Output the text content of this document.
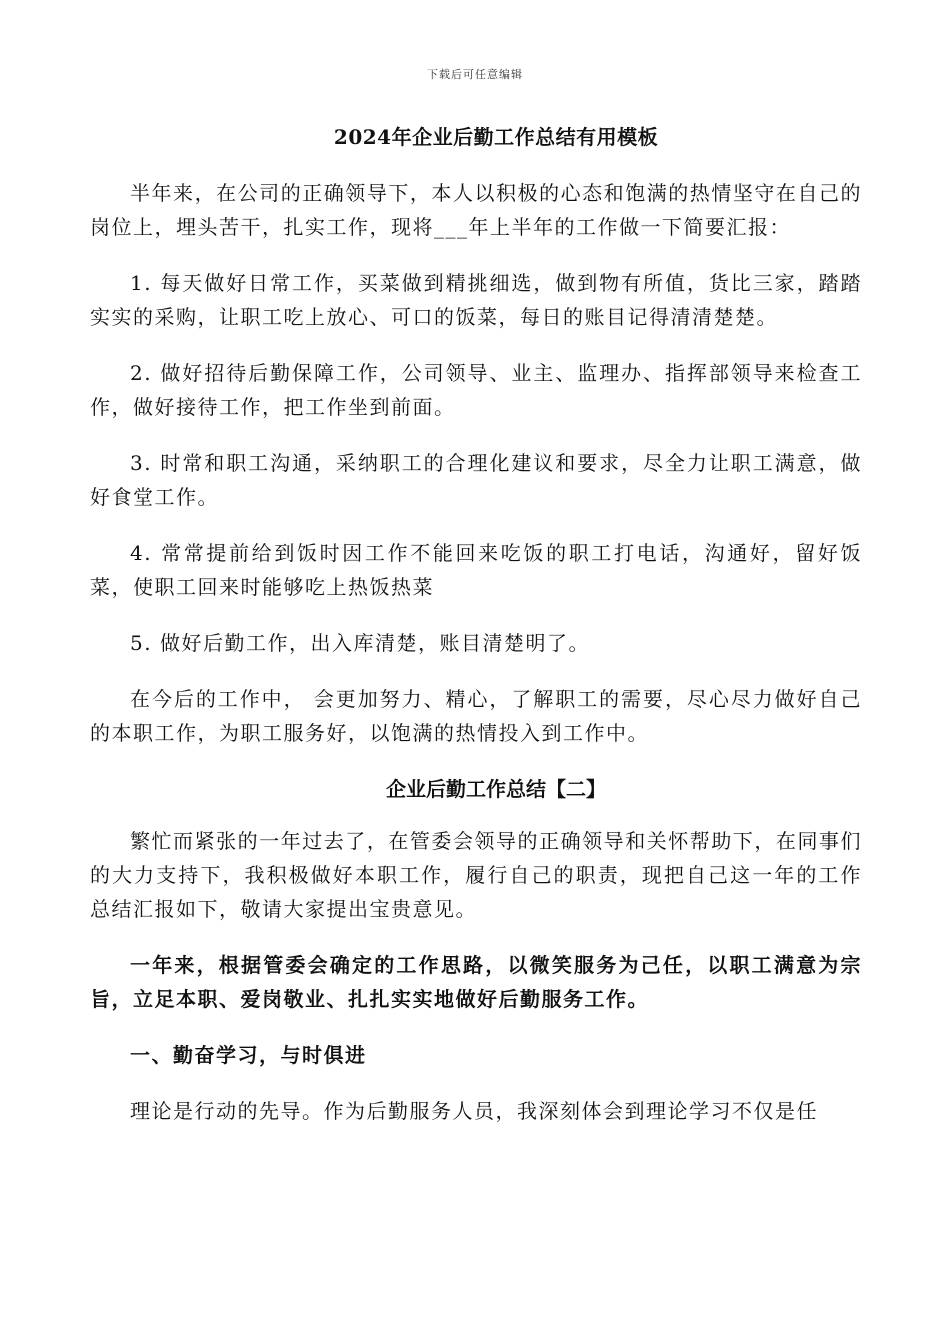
下载后可任意编辑
2024年企业后勤工作总结有用模板

半年来，在公司的正确领导下，本人以积极的心态和饱满的热情坚守在自己的岗位上，埋头苦干，扎实工作，现将___年上半年的工作做一下简要汇报：

1. 每天做好日常工作，买菜做到精挑细选，做到物有所值，货比三家，踏踏实实的采购，让职工吃上放心、可口的饭菜，每日的账目记得清清楚楚。

2. 做好招待后勤保障工作，公司领导、业主、监理办、指挥部领导来检查工作，做好接待工作，把工作坐到前面。

3. 时常和职工沟通，采纳职工的合理化建议和要求，尽全力让职工满意，做好食堂工作。

4. 常常提前给到饭时因工作不能回来吃饭的职工打电话，沟通好，留好饭菜，使职工回来时能够吃上热饭热菜

5. 做好后勤工作，出入库清楚，账目清楚明了。

在今后的工作中， 会更加努力、精心，了解职工的需要，尽心尽力做好自己的本职工作，为职工服务好，以饱满的热情投入到工作中。

企业后勤工作总结【二】

繁忙而紧张的一年过去了，在管委会领导的正确领导和关怀帮助下，在同事们的大力支持下，我积极做好本职工作，履行自己的职责，现把自己这一年的工作总结汇报如下，敬请大家提出宝贵意见。

一年来，根据管委会确定的工作思路，以微笑服务为己任，以职工满意为宗旨，立足本职、爱岗敬业、扎扎实实地做好后勤服务工作。

一、勤奋学习，与时俱进

理论是行动的先导。作为后勤服务人员，我深刻体会到理论学习不仅是任
